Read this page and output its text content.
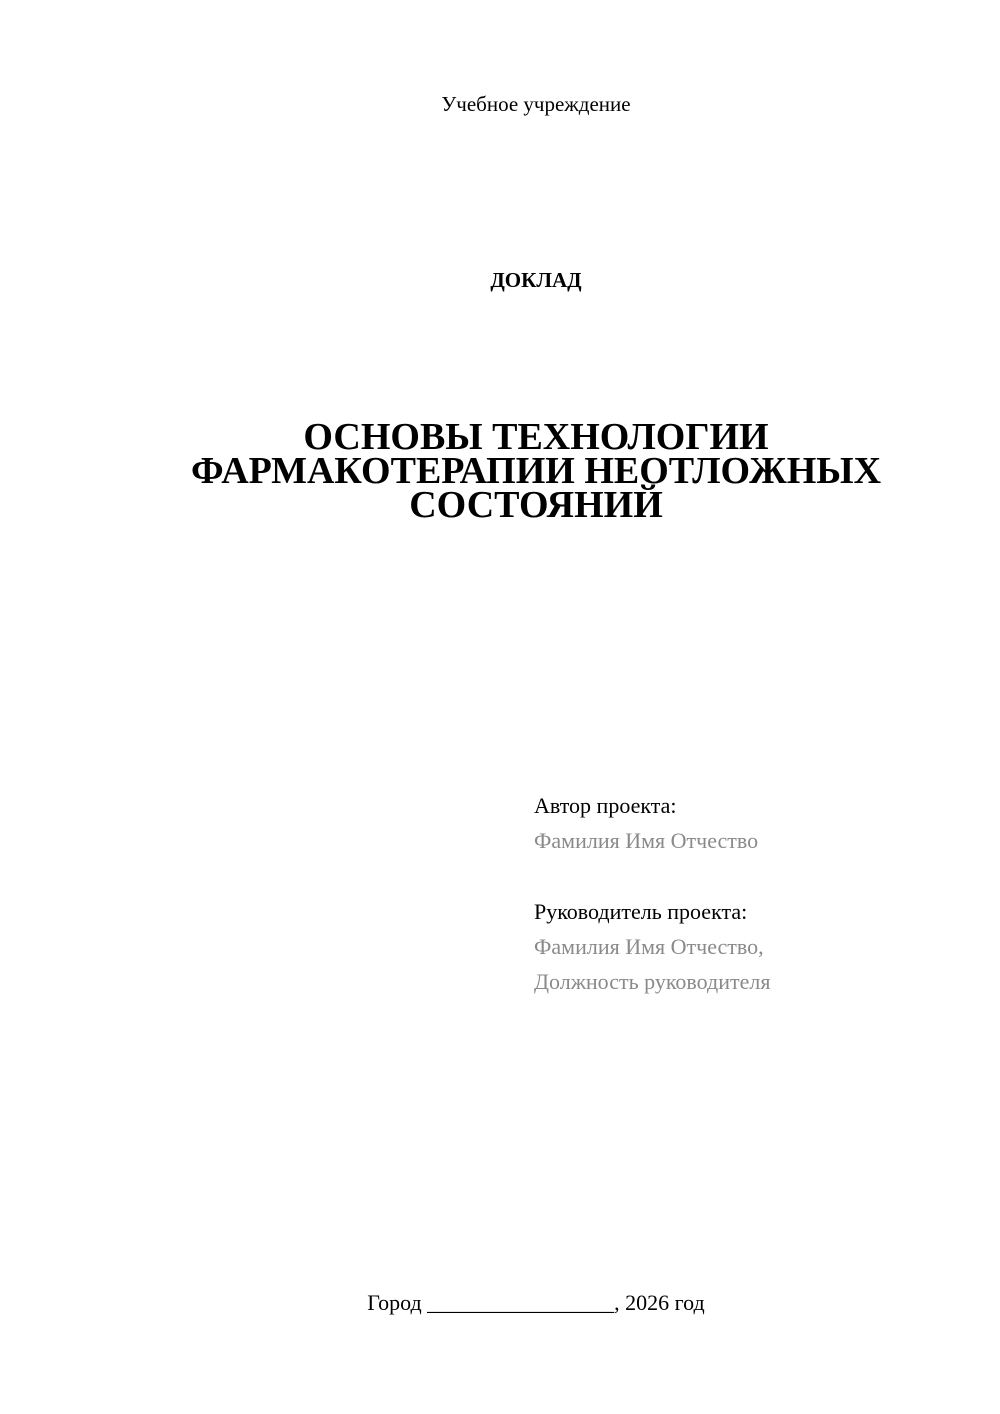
Учебное учреждение
ДОКЛАД
ОСНОВЫ ТЕХНОЛОГИИ
ФАРМАКОТЕРАПИИ НЕОТЛОЖНЫХ
СОСТОЯНИЙ
Автор проекта:
Фамилия Имя Отчество
Руководитель проекта:
Фамилия Имя Отчество,
Должность руководителя
Город _________________, 2026 год
